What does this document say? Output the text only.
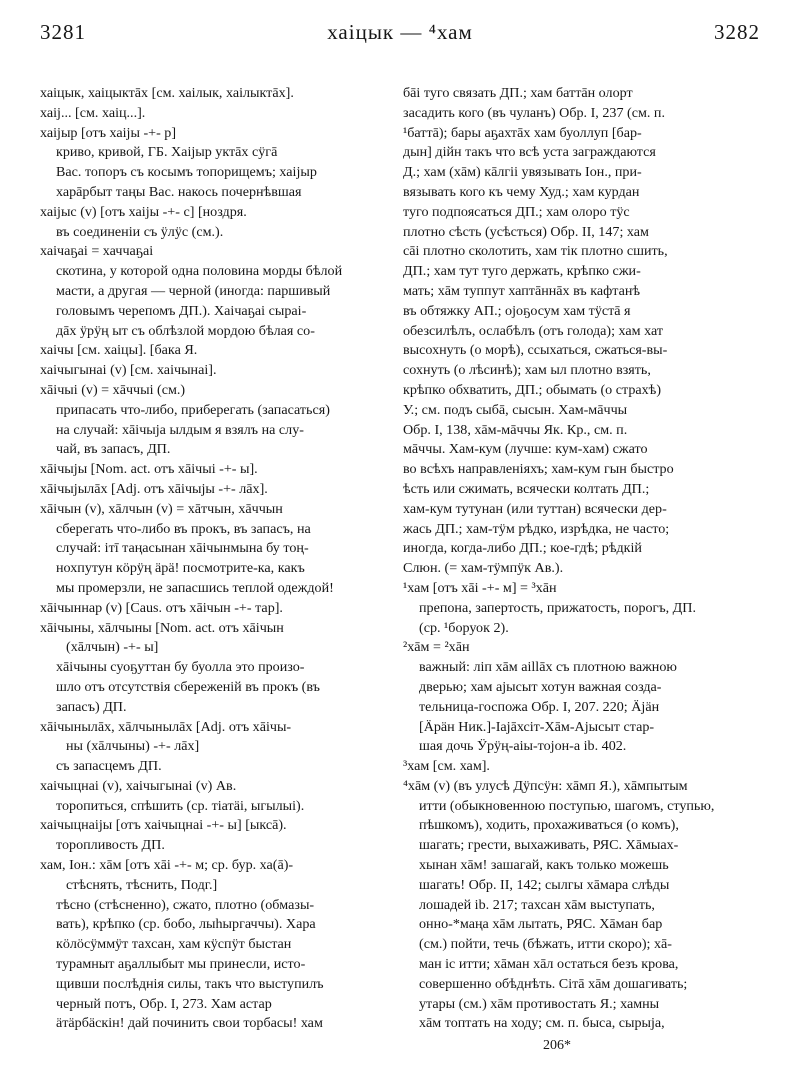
хаіцык — ⁴хам
3281	3282
хаіцык, хаіцыктāх [см. хаілык, хаілыктāх].
хаіј... [см. хаіц...].
хаіјыр [отъ хаіјы -+- р]
криво, кривой, ГБ. Хаіјыр уктāх сӱгā
Вас. топоръ съ косымъ топорищемъ; хаіјыр
харāрбыт таңы Вас. накось почернѣвшая
хаіјыс (v) [отъ хаіјы -+- с] [ноздря.
въ соединеніи съ ӱлӱс (см.).
хаічаҕаі = хаччаҕаі
скотина, у которой одна половина морды бѣлой
масти, а другая — черной (иногда: паршивый
головымъ черепомъ ДП.). Хаічаҕаі сыраі-
дāх ӱрӱң ыт съ облѣзлой мордою бѣлая со-
хаічы [см. хаіцы]. [бака Я.
хаічыгынаі (v) [см. хаічынаі].
хāічыі (v) = хāччыі (см.)
припасать что-либо, приберегать (запасаться)
на случай: хāічыја ылдым я взялъ на слу-
чай, въ запасъ, ДП.
хāічыјы [Nom. act. отъ хāічыі -+- ы].
хāічыјылāх [Adj. отъ хāічыјы -+- лāх].
хāічын (v), хāлчын (v) = хāтчын, хāччын
сберегать что-либо въ прокъ, въ запасъ, на
случай: ітī таңасынан хāічынмына бу тоң-
нохпутун кӧрӱң äрä! посмотрите-ка, какъ
мы промерзли, не запасшись теплой одеждой!
хāічыннар (v) [Caus. отъ хāічын -+- тар].
хāічыны, хāлчыны [Nom. act. отъ хāічын
(хāлчын) -+- ы]
хāічыны суоҕуттан бу буолла это произо-
шло отъ отсутствія сбереженій въ прокъ (въ
запасъ) ДП.
хāічынылāх, хāлчынылāх [Adj. отъ хāічы-
ны (хāлчыны) -+- лāх]
съ запасцемъ ДП.
хаічыцнаі (v), хаічыгынаі (v) Ав.
торопиться, спѣшить (ср. тіатäі, ыгылыі).
хаічыцнаіјы [отъ хаічыцнаі -+- ы] [ыксā).
торопливость ДП.
хам, Іон.: хāм [отъ хāі -+- м; ср. бур. ха(ā)-
стѣснять, тѣснить, Подг.]
тѣсно (стѣсненно), сжато, плотно (обмазы-
вать), крѣпко (ср. бобо, лыһыргаччы). Хара
кӧлӧсӱммӱт тахсан, хам кӱспӱт быстан
турамныт аҕаллыбыт мы принесли, исто-
щивши послѣднія силы, такъ что выступилъ
черный потъ, Обр. І, 273. Хам астар
äтäрбäскін! дай починить свои торбасы! хам
бāі туго связать ДП.; хам баттāн олорт
засадить кого (въ чуланъ) Обр. І, 237 (см. п.
¹баттā); бары аҕахтāх хам буоллуп [бар-
дын] дійн такъ что всѣ уста заграждаются
Д.; хам (хāм) кāлгіі увязывать Іон., при-
вязывать кого къ чему Худ.; хам курдан
туго подпоясаться ДП.; хам олоро тӱс
плотно сѣсть (усѣсться) Обр. ІІ, 147; хам
сāі плотно сколотить, хам тік плотно сшить,
ДП.; хам тут туго держать, крѣпко сжи-
мать; хāм туппут хаптāннāх въ кафтанѣ
въ обтяжку АП.; ојоҕосум хам тӱстā я
обезсилѣлъ, ослабѣлъ (отъ голода); хам хат
высохнуть (о морѣ), ссыхаться, сжаться-вы-
сохнуть (о лѣсинѣ); хам ыл плотно взять,
крѣпко обхватить, ДП.; обымать (о страхѣ)
У.; см. подъ сыбā, сысын. Хам-мāччы
Обр. І, 138, хāм-мāччы Як. Кр., см. п.
мāччы. Хам-кум (лучше: кум-хам) сжато
во всѣхъ направленіяхъ; хам-кум гын быстро
ѣсть или сжимать, всячески колтать ДП.;
хам-кум тутунан (или туттан) всячески дер-
жась ДП.; хам-тӱм рѣдко, изрѣдка, не часто;
иногда, когда-либо ДП.; кое-гдѣ; рѣдкій
Слюн. (= хам-тӱмпӱк Ав.).
¹хам [отъ хāі -+- м] = ³хāн
препона, запертость, прижатость, порогъ, ДП.
(ср. ¹боруок 2).
²хāм = ²хāн
важный: ліп хāм аіllāх съ плотною важною
дверью; хам ајысыт хотун важная созда-
тельница-госпожа Обр. І, 207. 220; Äjäн
[Äрäн Ник.]-Іајāхсіт-Хāм-Ајысыт стар-
шая дочь Ӱрӱң-аіы-тојон-а ib. 402.
³хам [см. хам].
⁴хāм (v) (въ улусѣ Дӱпсӱн: хāмп Я.), хāмпытым
итти (обыкновенною поступью, шагомъ, ступью,
пѣшкомъ), ходить, прохаживаться (о комъ),
шагать; грести, выхаживать, РЯС. Хāмыах-
хынан хāм! зашагай, какъ только можешь
шагать! Обр. ІІ, 142; сылгы хāмара слѣды
лошадей ib. 217; тахсан хāм выступать,
онно-*маңа хāм лытать, РЯС. Хāман бар
(см.) пойти, течь (бѣжать, итти скоро); хā-
ман іс итти; хāман хāл остаться безъ крова,
совершенно обѣднѣть. Сітā хāм дошагивать;
утары (см.) хāм противостать Я.; хамны
хāм топтать на ходу; см. п. быса, сырыја,
206*
